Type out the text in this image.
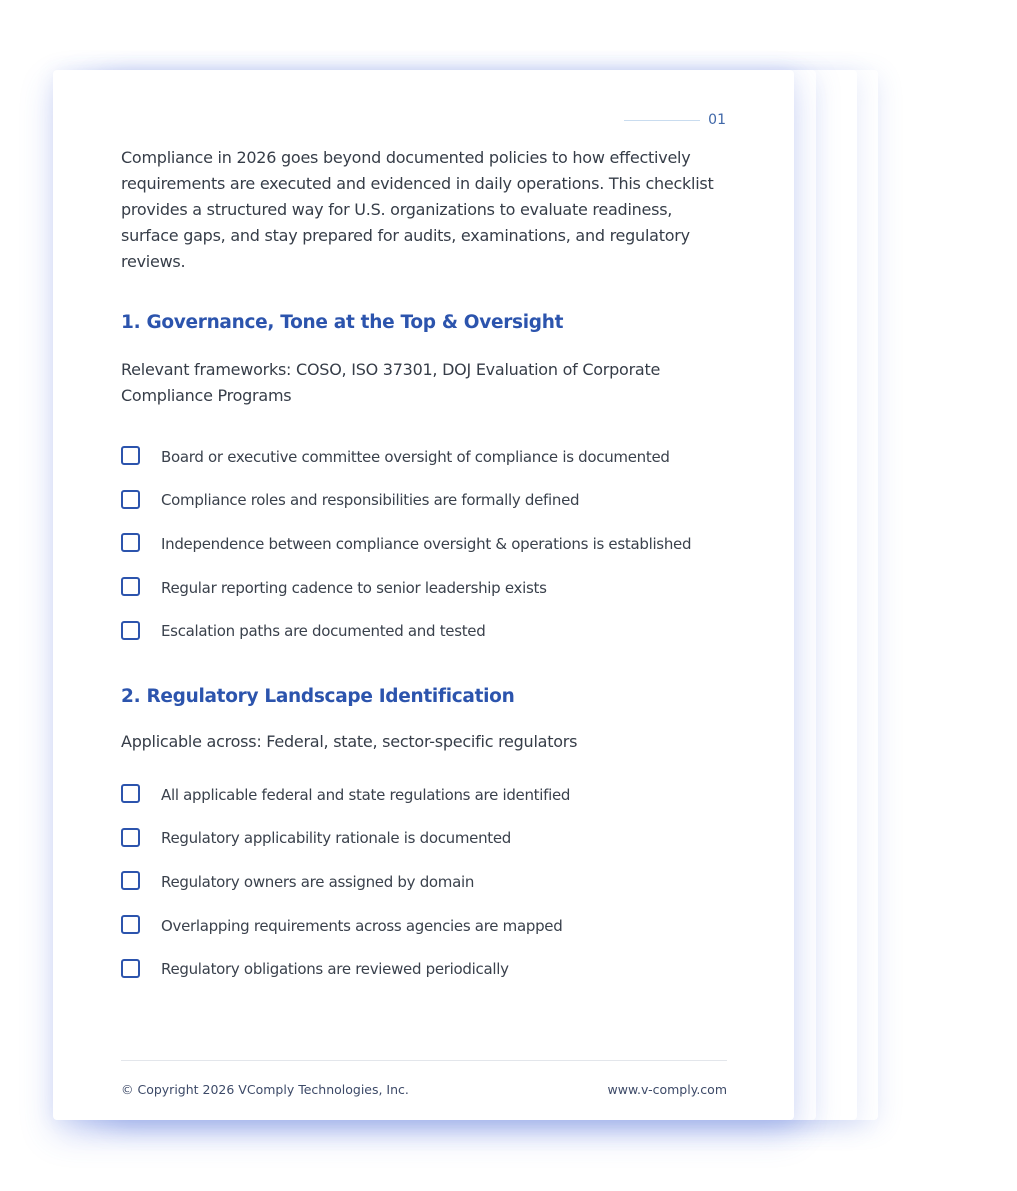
01

Compliance in 2026 goes beyond documented policies to how effectively requirements are executed and evidenced in daily operations. This checklist provides a structured way for U.S. organizations to evaluate readiness, surface gaps, and stay prepared for audits, examinations, and regulatory reviews.

1. Governance, Tone at the Top & Oversight

Relevant frameworks: COSO, ISO 37301, DOJ Evaluation of Corporate Compliance Programs

Board or executive committee oversight of compliance is documented
Compliance roles and responsibilities are formally defined
Independence between compliance oversight & operations is established
Regular reporting cadence to senior leadership exists
Escalation paths are documented and tested
2. Regulatory Landscape Identification

Applicable across: Federal, state, sector-specific regulators

All applicable federal and state regulations are identified
Regulatory applicability rationale is documented
Regulatory owners are assigned by domain
Overlapping requirements across agencies are mapped
Regulatory obligations are reviewed periodically
© Copyright 2026 VComply Technologies, Inc.	www.v-comply.com
